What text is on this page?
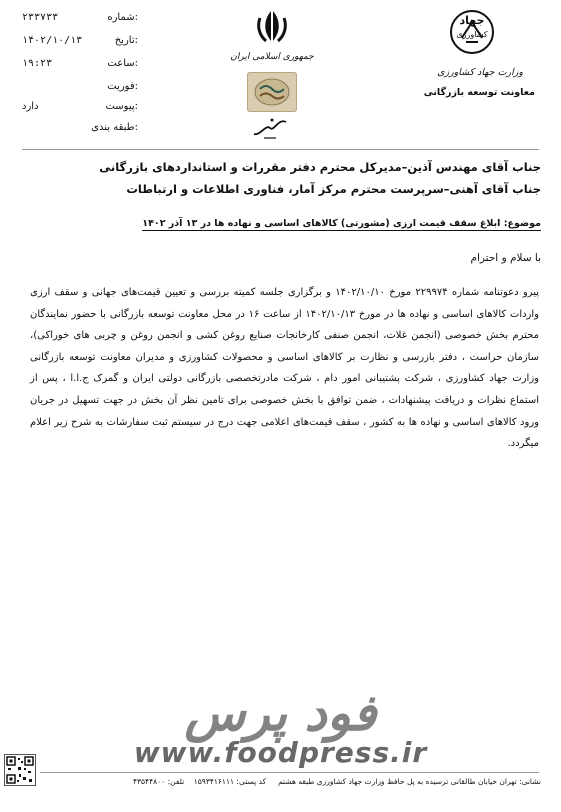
۲۳۳۷۳۳	شماره:
۱۴۰۲/۱۰/۱۳	تاریخ:
۱۹:۲۳	ساعت:
فوریت:
دارد	پیوست:
طبقه بندی:
جمهوری اسلامی ایران
جهاد
کشاورزی
وزارت جهاد کشاورزی
معاونت توسعه بازرگانی
جناب آقای مهندس آذین–مدیرکل محترم دفتر مقررات و استانداردهای بازرگانی
جناب آقای آهنی–سرپرست محترم مرکز آمار، فناوری اطلاعات و ارتباطات
موضوع: ابلاغ سقف قیمت ارزی (مشورتی) کالاهای اساسی و نهاده ها در ۱۳ آذر ۱۴۰۲
با سلام و احترام
پیرو دعوتنامه شماره ۲۲۹۹۷۴ مورخ ۱۴۰۲/۱۰/۱۰ و برگزاری جلسه کمیته بررسی و تعیین قیمت‌های جهانی و سقف ارزی واردات کالاهای اساسی و نهاده ها در مورخ ۱۴۰۲/۱۰/۱۳ از ساعت ۱۶ در محل معاونت توسعه بازرگانی با حضور نمایندگان محترم بخش خصوصی (انجمن غلات، انجمن صنفی کارخانجات صنایع روغن کشی و انجمن روغن و چربی های خوراکی)، سازمان حراست ، دفتر بازرسی و نظارت بر کالاهای اساسی و محصولات کشاورزی و مدیران معاونت توسعه بازرگانی وزارت جهاد کشاورزی ، شرکت پشتیبانی امور دام ، شرکت مادرتخصصی بازرگانی دولتی ایران و گمرک ج.ا.ا ، پس از استماع نظرات و دریافت پیشنهادات ، ضمن توافق با بخش خصوصی برای تامین نظر آن بخش در جهت تسهیل در جریان ورود کالاهای اساسی و نهاده ها به کشور ، سقف قیمت‌های اعلامی جهت درج در سیستم ثبت سفارشات به شرح زیر اعلام میگردد.
فود پرس
www.foodpress.ir
نشانی: تهران خیابان طالقانی ترسیده به پل حافظ وزارت جهاد کشاورزی طبقه هشتم     کد پستی: ۱۵۹۳۴۱۶۱۱۱    تلفن: ۴۳۵۴۴۸۰۰
